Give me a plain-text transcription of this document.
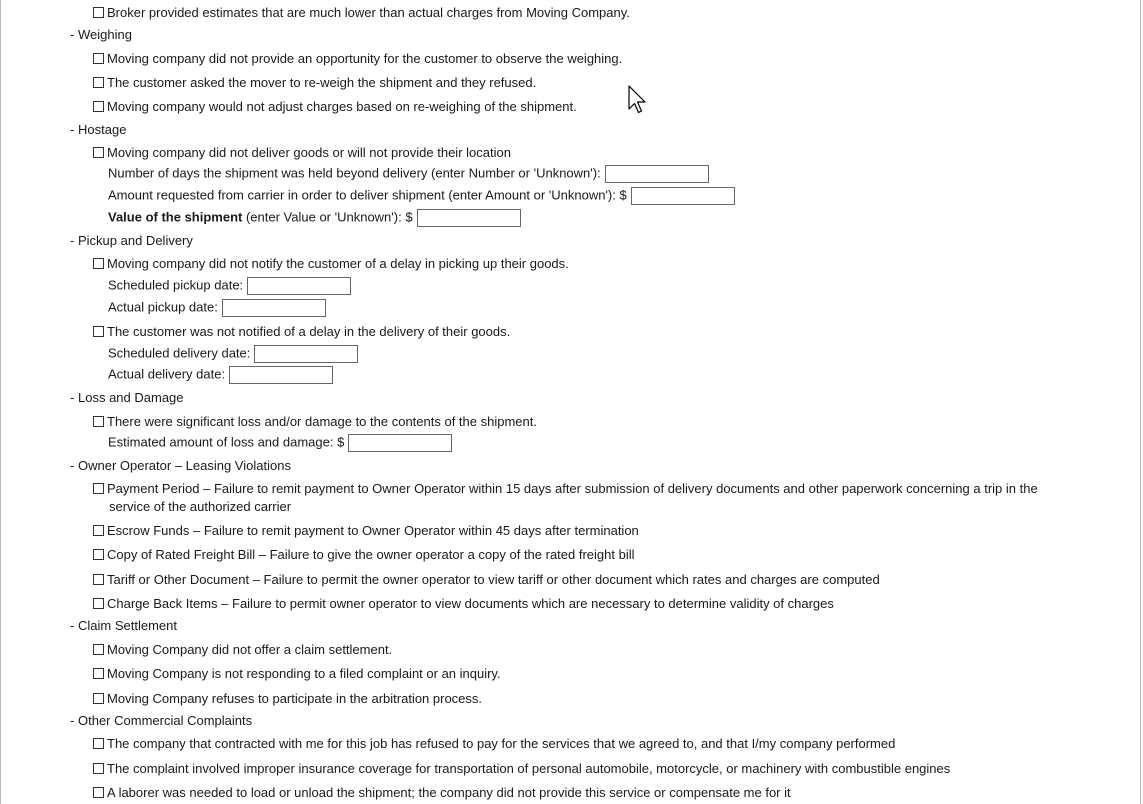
Broker provided estimates that are much lower than actual charges from Moving Company.
- Weighing
Moving company did not provide an opportunity for the customer to observe the weighing.
The customer asked the mover to re-weigh the shipment and they refused.
Moving company would not adjust charges based on re-weighing of the shipment.
- Hostage
Moving company did not deliver goods or will not provide their location
Number of days the shipment was held beyond delivery (enter Number or 'Unknown'):
Amount requested from carrier in order to deliver shipment (enter Amount or 'Unknown'): $
Value of the shipment (enter Value or 'Unknown'): $
- Pickup and Delivery
Moving company did not notify the customer of a delay in picking up their goods.
Scheduled pickup date:
Actual pickup date:
The customer was not notified of a delay in the delivery of their goods.
Scheduled delivery date:
Actual delivery date:
- Loss and Damage
There were significant loss and/or damage to the contents of the shipment.
Estimated amount of loss and damage: $
- Owner Operator – Leasing Violations
Payment Period – Failure to remit payment to Owner Operator within 15 days after submission of delivery documents and other paperwork concerning a trip in the
service of the authorized carrier
Escrow Funds – Failure to remit payment to Owner Operator within 45 days after termination
Copy of Rated Freight Bill – Failure to give the owner operator a copy of the rated freight bill
Tariff or Other Document – Failure to permit the owner operator to view tariff or other document which rates and charges are computed
Charge Back Items – Failure to permit owner operator to view documents which are necessary to determine validity of charges
- Claim Settlement
Moving Company did not offer a claim settlement.
Moving Company is not responding to a filed complaint or an inquiry.
Moving Company refuses to participate in the arbitration process.
- Other Commercial Complaints
The company that contracted with me for this job has refused to pay for the services that we agreed to, and that I/my company performed
The complaint involved improper insurance coverage for transportation of personal automobile, motorcycle, or machinery with combustible engines
A laborer was needed to load or unload the shipment; the company did not provide this service or compensate me for it
